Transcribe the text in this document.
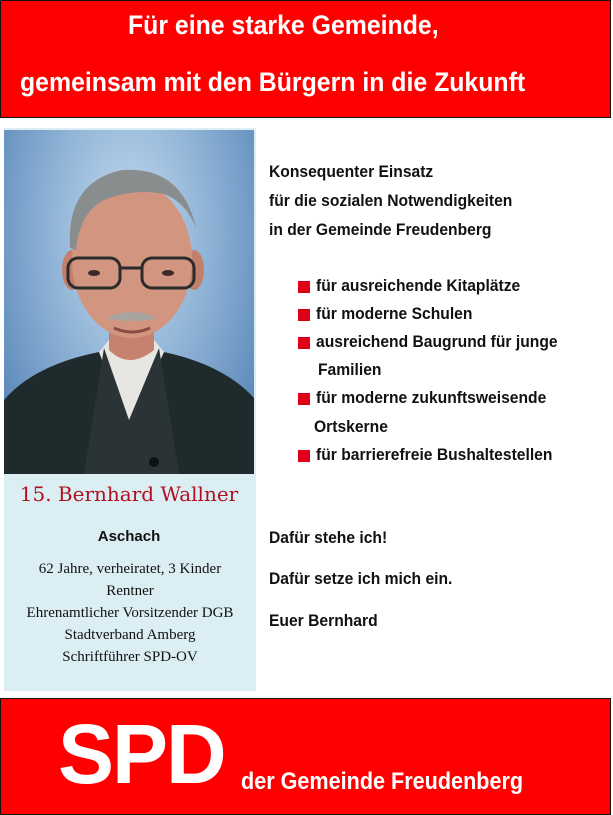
Für eine starke Gemeinde,
gemeinsam mit den Bürgern in die Zukunft
15. Bernhard Wallner
Aschach
62 Jahre, verheiratet, 3 Kinder
Rentner
Ehrenamtlicher Vorsitzender DGB
Stadtverband Amberg
Schriftführer SPD-OV
Konsequenter Einsatz
für die sozialen Notwendigkeiten
in der Gemeinde Freudenberg
für ausreichende Kitaplätze
für moderne Schulen
ausreichend Baugrund für junge
Familien
für moderne zukunftsweisende
Ortskerne
für barrierefreie Bushaltestellen
Dafür stehe ich!
Dafür setze ich mich ein.
Euer Bernhard
SPD der Gemeinde Freudenberg
